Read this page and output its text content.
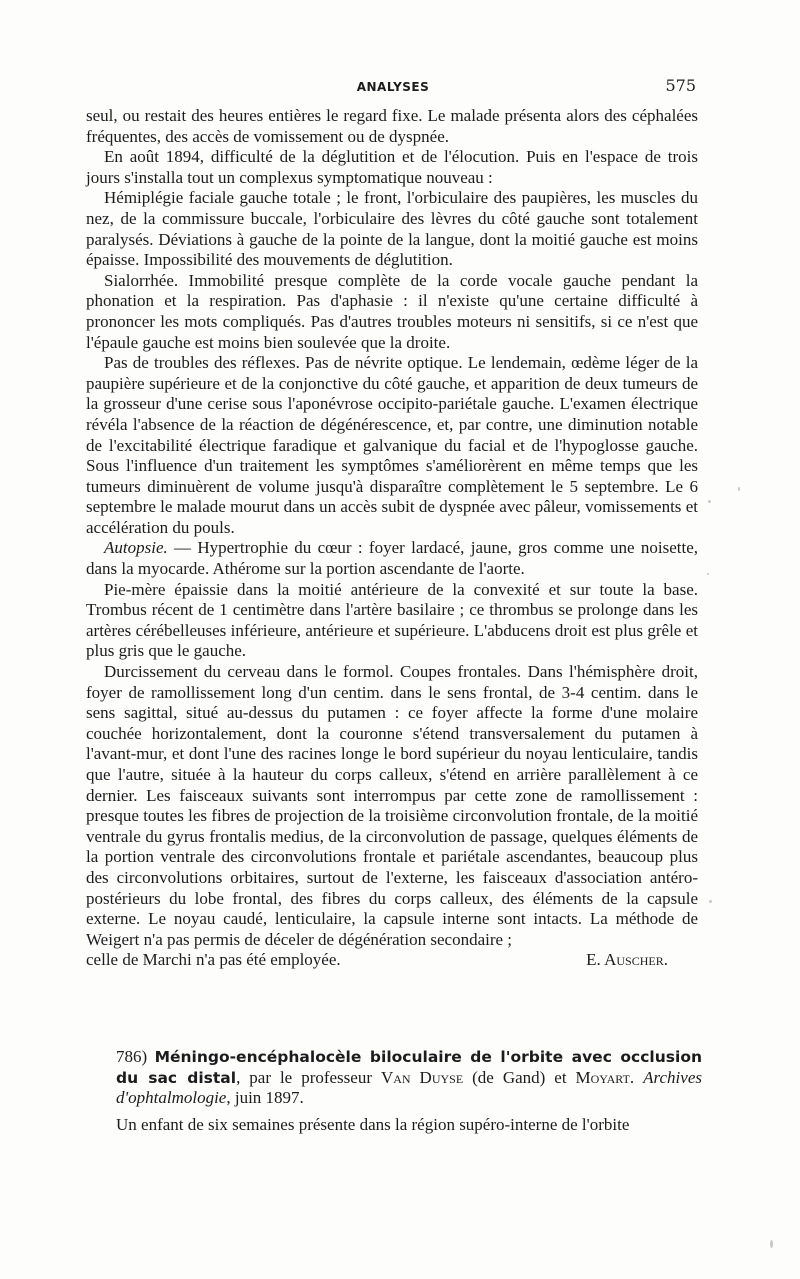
ANALYSES	575

seul, ou restait des heures entières le regard fixe. Le malade présenta alors des céphalées fréquentes, des accès de vomissement ou de dyspnée.

En août 1894, difficulté de la déglutition et de l'élocution. Puis en l'espace de trois jours s'installa tout un complexus symptomatique nouveau :

Hémiplégie faciale gauche totale ; le front, l'orbiculaire des paupières, les muscles du nez, de la commissure buccale, l'orbiculaire des lèvres du côté gauche sont totalement paralysés. Déviations à gauche de la pointe de la langue, dont la moitié gauche est moins épaisse. Impossibilité des mouvements de déglutition.

Sialorrhée. Immobilité presque complète de la corde vocale gauche pendant la phonation et la respiration. Pas d'aphasie : il n'existe qu'une certaine difficulté à prononcer les mots compliqués. Pas d'autres troubles moteurs ni sensitifs, si ce n'est que l'épaule gauche est moins bien soulevée que la droite.

Pas de troubles des réflexes. Pas de névrite optique. Le lendemain, œdème léger de la paupière supérieure et de la conjonctive du côté gauche, et apparition de deux tumeurs de la grosseur d'une cerise sous l'aponévrose occipito-pariétale gauche. L'examen électrique révéla l'absence de la réaction de dégénérescence, et, par contre, une diminution notable de l'excitabilité électrique faradique et galvanique du facial et de l'hypoglosse gauche. Sous l'influence d'un traitement les symptômes s'améliorèrent en même temps que les tumeurs diminuèrent de volume jusqu'à disparaître complètement le 5 septembre. Le 6 septembre le malade mourut dans un accès subit de dyspnée avec pâleur, vomissements et accélération du pouls.

Autopsie. — Hypertrophie du cœur : foyer lardacé, jaune, gros comme une noisette, dans la myocarde. Athérome sur la portion ascendante de l'aorte.

Pie-mère épaissie dans la moitié antérieure de la convexité et sur toute la base. Trombus récent de 1 centimètre dans l'artère basilaire ; ce thrombus se prolonge dans les artères cérébelleuses inférieure, antérieure et supérieure. L'abducens droit est plus grêle et plus gris que le gauche.

Durcissement du cerveau dans le formol. Coupes frontales. Dans l'hémisphère droit, foyer de ramollissement long d'un centim. dans le sens frontal, de 3-4 centim. dans le sens sagittal, situé au-dessus du putamen : ce foyer affecte la forme d'une molaire couchée horizontalement, dont la couronne s'étend transversalement du putamen à l'avant-mur, et dont l'une des racines longe le bord supérieur du noyau lenticulaire, tandis que l'autre, située à la hauteur du corps calleux, s'étend en arrière parallèlement à ce dernier. Les faisceaux suivants sont interrompus par cette zone de ramollissement : presque toutes les fibres de projection de la troisième circonvolution frontale, de la moitié ventrale du gyrus frontalis medius, de la circonvolution de passage, quelques éléments de la portion ventrale des circonvolutions frontale et pariétale ascendantes, beaucoup plus des circonvolutions orbitaires, surtout de l'externe, les faisceaux d'association antéro-postérieurs du lobe frontal, des fibres du corps calleux, des éléments de la capsule externe. Le noyau caudé, lenticulaire, la capsule interne sont intacts. La méthode de Weigert n'a pas permis de déceler de dégénération secondaire ;

celle de Marchi n'a pas été employée.	E. Auscher.

786) Méningo-encéphalocèle biloculaire de l'orbite avec occlusion du sac distal, par le professeur Van Duyse (de Gand) et Moyart. Archives d'ophtalmologie, juin 1897.

Un enfant de six semaines présente dans la région supéro-interne de l'orbite
